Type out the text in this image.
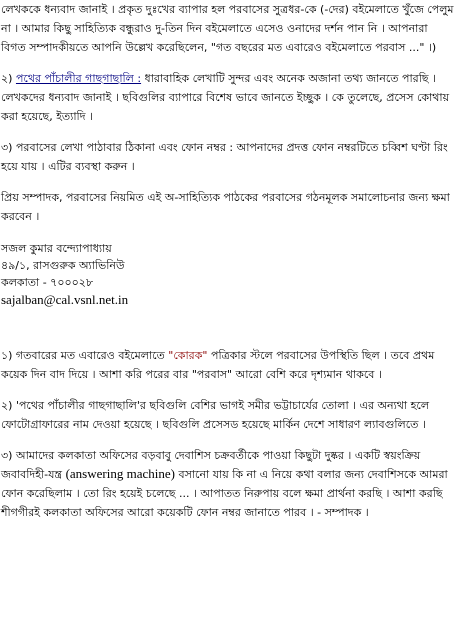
লেখককে ধন্যবাদ জানাই । প্রকৃত দুঃখের ব্যাপার হল পরবাসের সুত্রধর-কে (-দের) বইমেলাতে খুঁজে পেলুম না । আমার কিছু সাহিত্যিক বন্ধুরাও দু-তিন দিন বইমেলাতে এসেও ওনাদের দর্শন পান নি । আপনারা বিগত সম্পাদকীয়তে আপনি উল্লেখ করেছিলেন, "গত বছরের মত এবারেও বইমেলাতে পরবাস ..." ।)

২) পথের পাঁচালীর গাছগাছালি : ধারাবাহিক লেখাটি সুন্দর এবং অনেক অজানা তথ্য জানতে পারছি । লেখকদের ধন্যবাদ জানাই । ছবিগুলির ব্যাপারে বিশেষ ভাবে জানতে ইচ্ছুক । কে তুলেছে, প্রসেস কোথায় করা হয়েছে, ইত্যাদি ।

৩) পরবাসের লেখা পাঠাবার ঠিকানা এবং ফোন নম্বর : আপনাদের প্রদত্ত ফোন নম্বরটিতে চব্বিশ ঘণ্টা রিং হয়ে যায় । এটির ব্যবস্থা করুন ।

প্রিয় সম্পাদক, পরবাসের নিয়মিত এই অ-সাহিত্যিক পাঠকের পরবাসের গঠনমূলক সমালোচনার জন্য ক্ষমা করবেন ।

সজল কুমার বন্দ্যোপাধ্যায়
৪৯/১, রাসগুরুক অ্যাভিনিউ
কলকাতা - ৭০০০২৮
sajalban@cal.vsnl.net.in

১) গতবারের মত এবারেও বইমেলাতে "কোরক" পত্রিকার স্টলে পরবাসের উপস্থিতি ছিল । তবে প্রথম কয়েক দিন বাদ দিয়ে । আশা করি পরের বার "পরবাস" আরো বেশি করে দৃশ্যমান থাকবে ।

২) 'পথের পাঁচালীর গাছগাছালি'র ছবিগুলি বেশির ভাগই সমীর ভট্টাচার্যের তোলা । এর অন্যথা হলে ফোটোগ্রাফারের নাম দেওয়া হয়েছে । ছবিগুলি প্রসেসড হয়েছে মার্কিন দেশে সাধারণ ল্যাবগুলিতে ।

৩) আমাদের কলকাতা অফিসের বড়বাবু দেবাশিস চক্রবর্তীকে পাওয়া কিছুটা দুষ্কর । একটি স্বয়ংক্রিয় জবাবদিহী-যন্ত্র (answering machine) বসানো যায় কি না এ নিয়ে কথা বলার জন্য দেবাশিসকে আমরা ফোন করেছিলাম । তো রিং হয়েই চলেছে ... । আপাতত নিরুপায় বলে ক্ষমা প্রার্থনা করছি । আশা করছি শীগগীরই কলকাতা অফিসের আরো কয়েকটি ফোন নম্বর জানাতে পারব । - সম্পাদক ।
